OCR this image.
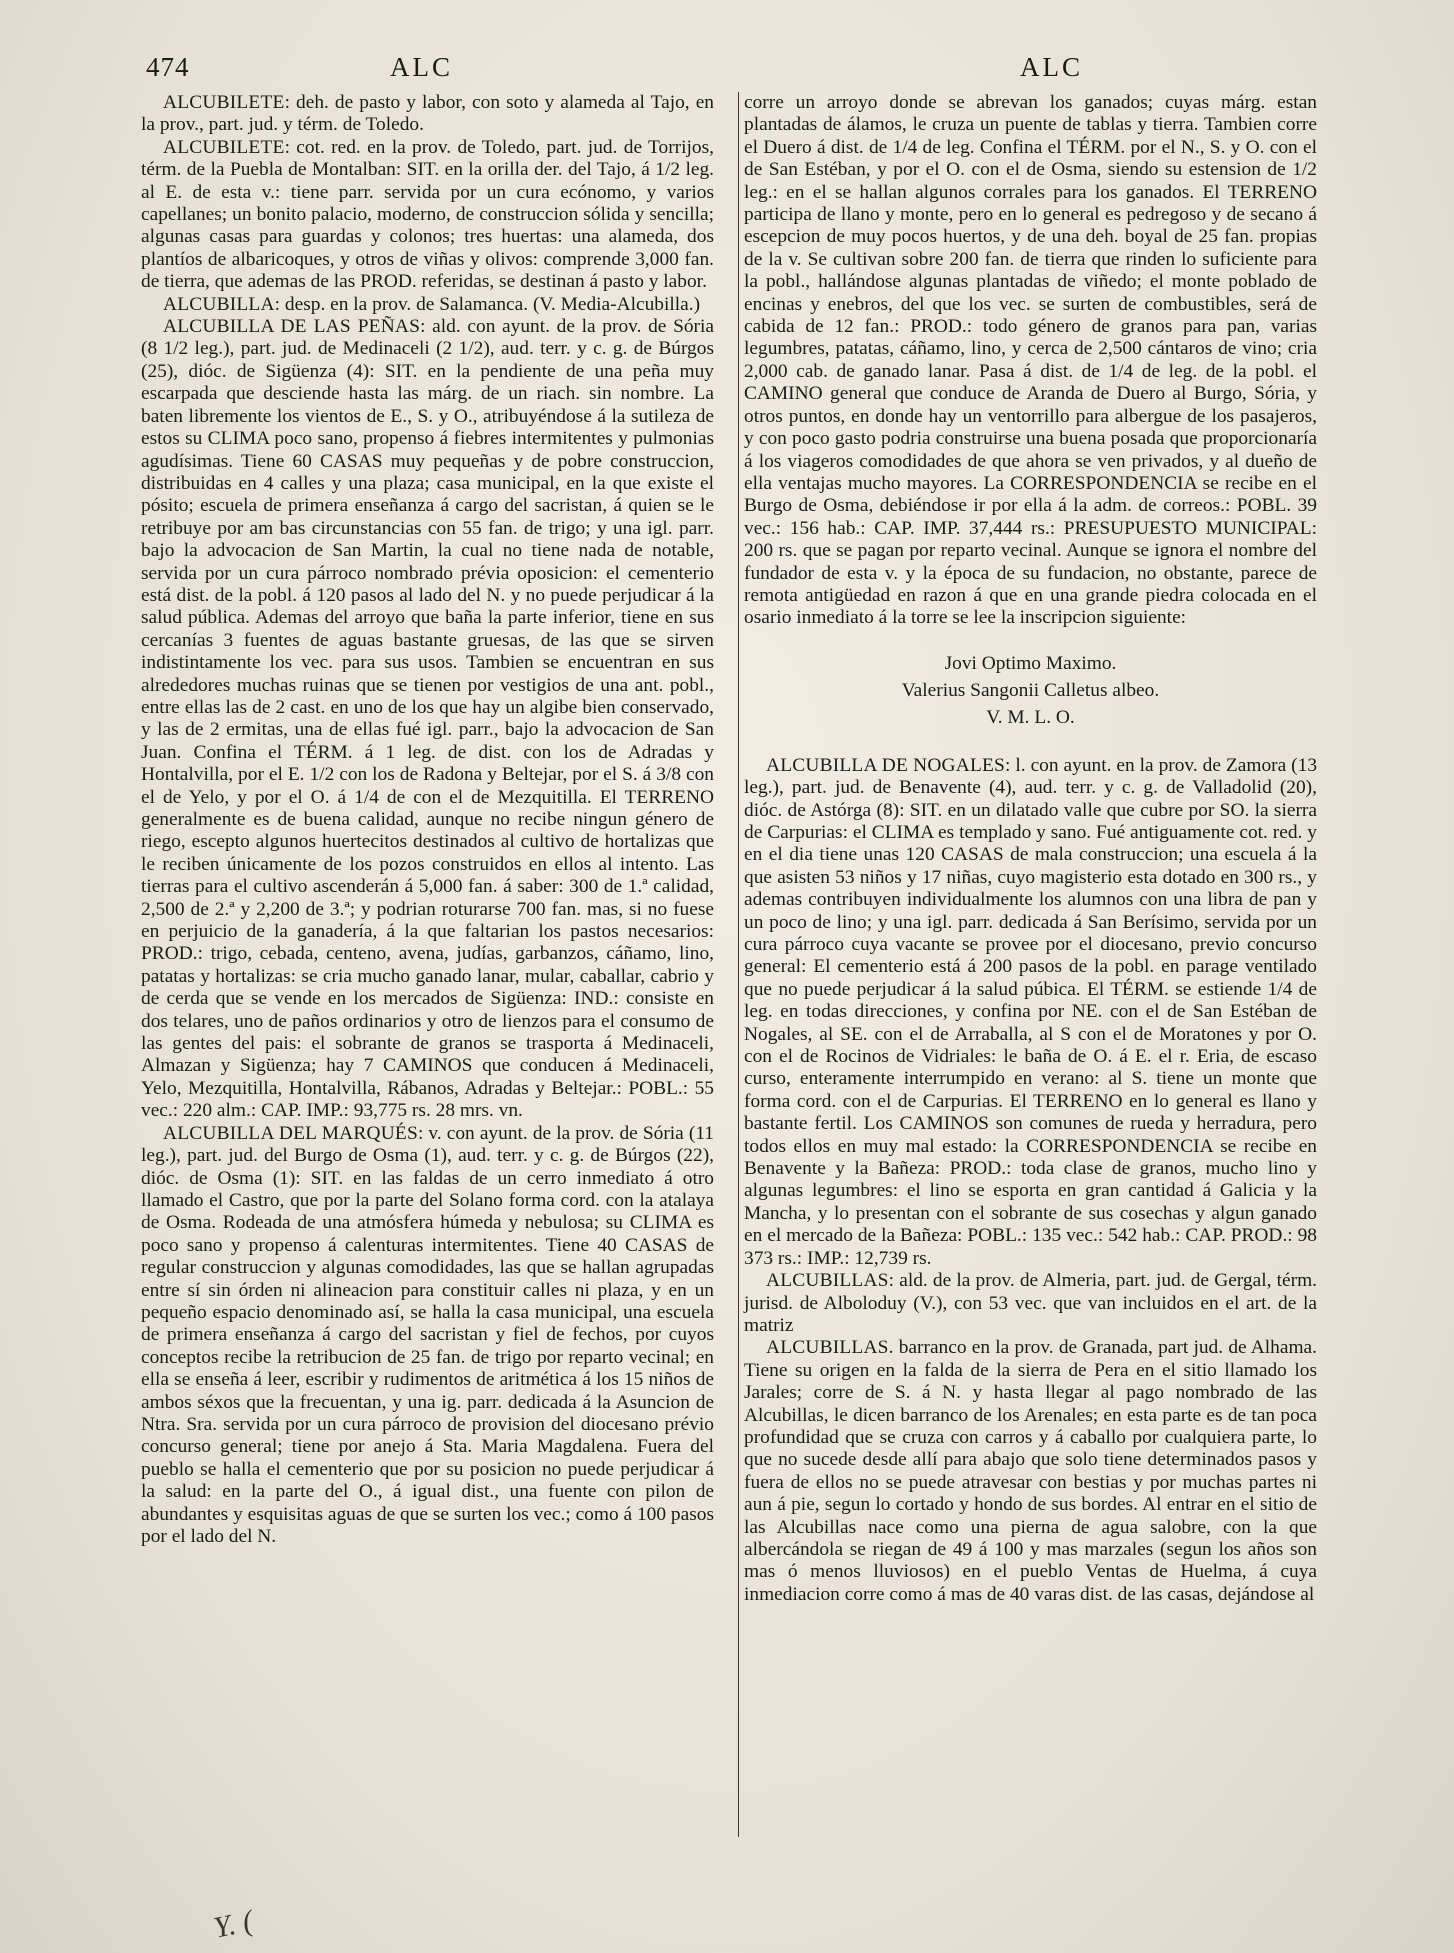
474	ALC	ALC

ALCUBILETE: deh. de pasto y labor, con soto y alameda al Tajo, en la prov., part. jud. y térm. de Toledo.

ALCUBILETE: cot. red. en la prov. de Toledo, part. jud. de Torrijos, térm. de la Puebla de Montalban: SIT. en la orilla der. del Tajo, á 1/2 leg. al E. de esta v.: tiene parr. servida por un cura ecónomo, y varios capellanes; un bonito palacio, moderno, de construccion sólida y sencilla; algunas casas para guardas y colonos; tres huertas: una alameda, dos plantíos de albaricoques, y otros de viñas y olivos: comprende 3,000 fan. de tierra, que ademas de las PROD. referidas, se destinan á pasto y labor.

ALCUBILLA: desp. en la prov. de Salamanca. (V. Media-Alcubilla.)

ALCUBILLA DE LAS PEÑAS: ald. con ayunt. de la prov. de Sória (8 1/2 leg.), part. jud. de Medinaceli (2 1/2), aud. terr. y c. g. de Búrgos (25), dióc. de Sigüenza (4): SIT. en la pendiente de una peña muy escarpada que desciende hasta las márg. de un riach. sin nombre. La baten libremente los vientos de E., S. y O., atribuyéndose á la sutileza de estos su CLIMA poco sano, propenso á fiebres intermitentes y pulmonias agudísimas. Tiene 60 CASAS muy pequeñas y de pobre construccion, distribuidas en 4 calles y una plaza; casa municipal, en la que existe el pósito; escuela de primera enseñanza á cargo del sacristan, á quien se le retribuye por am bas circunstancias con 55 fan. de trigo; y una igl. parr. bajo la advocacion de San Martin, la cual no tiene nada de notable, servida por un cura párroco nombrado prévia oposicion: el cementerio está dist. de la pobl. á 120 pasos al lado del N. y no puede perjudicar á la salud pública. Ademas del arroyo que baña la parte inferior, tiene en sus cercanías 3 fuentes de aguas bastante gruesas, de las que se sirven indistintamente los vec. para sus usos. Tambien se encuentran en sus alrededores muchas ruinas que se tienen por vestigios de una ant. pobl., entre ellas las de 2 cast. en uno de los que hay un algibe bien conservado, y las de 2 ermitas, una de ellas fué igl. parr., bajo la advocacion de San Juan. Confina el TÉRM. á 1 leg. de dist. con los de Adradas y Hontalvilla, por el E. 1/2 con los de Radona y Beltejar, por el S. á 3/8 con el de Yelo, y por el O. á 1/4 de con el de Mezquitilla. El TERRENO generalmente es de buena calidad, aunque no recibe ningun género de riego, escepto algunos huertecitos destinados al cultivo de hortalizas que le reciben únicamente de los pozos construidos en ellos al intento. Las tierras para el cultivo ascenderán á 5,000 fan. á saber: 300 de 1.ª calidad, 2,500 de 2.ª y 2,200 de 3.ª; y podrian roturarse 700 fan. mas, si no fuese en perjuicio de la ganadería, á la que faltarian los pastos necesarios: PROD.: trigo, cebada, centeno, avena, judías, garbanzos, cáñamo, lino, patatas y hortalizas: se cria mucho ganado lanar, mular, caballar, cabrio y de cerda que se vende en los mercados de Sigüenza: IND.: consiste en dos telares, uno de paños ordinarios y otro de lienzos para el consumo de las gentes del pais: el sobrante de granos se trasporta á Medinaceli, Almazan y Sigüenza; hay 7 CAMINOS que conducen á Medinaceli, Yelo, Mezquitilla, Hontalvilla, Rábanos, Adradas y Beltejar.: POBL.: 55 vec.: 220 alm.: CAP. IMP.: 93,775 rs. 28 mrs. vn.

ALCUBILLA DEL MARQUÉS: v. con ayunt. de la prov. de Sória (11 leg.), part. jud. del Burgo de Osma (1), aud. terr. y c. g. de Búrgos (22), dióc. de Osma (1): SIT. en las faldas de un cerro inmediato á otro llamado el Castro, que por la parte del Solano forma cord. con la atalaya de Osma. Rodeada de una atmósfera húmeda y nebulosa; su CLIMA es poco sano y propenso á calenturas intermitentes. Tiene 40 CASAS de regular construccion y algunas comodidades, las que se hallan agrupadas entre sí sin órden ni alineacion para constituir calles ni plaza, y en un pequeño espacio denominado así, se halla la casa municipal, una escuela de primera enseñanza á cargo del sacristan y fiel de fechos, por cuyos conceptos recibe la retribucion de 25 fan. de trigo por reparto vecinal; en ella se enseña á leer, escribir y rudimentos de aritmética á los 15 niños de ambos séxos que la frecuentan, y una ig. parr. dedicada á la Asuncion de Ntra. Sra. servida por un cura párroco de provision del diocesano prévio concurso general; tiene por anejo á Sta. Maria Magdalena. Fuera del pueblo se halla el cementerio que por su posicion no puede perjudicar á la salud: en la parte del O., á igual dist., una fuente con pilon de abundantes y esquisitas aguas de que se surten los vec.; como á 100 pasos por el lado del N.

corre un arroyo donde se abrevan los ganados; cuyas márg. estan plantadas de álamos, le cruza un puente de tablas y tierra. Tambien corre el Duero á dist. de 1/4 de leg. Confina el TÉRM. por el N., S. y O. con el de San Estéban, y por el O. con el de Osma, siendo su estension de 1/2 leg.: en el se hallan algunos corrales para los ganados. El TERRENO participa de llano y monte, pero en lo general es pedregoso y de secano á escepcion de muy pocos huertos, y de una deh. boyal de 25 fan. propias de la v. Se cultivan sobre 200 fan. de tierra que rinden lo suficiente para la pobl., hallándose algunas plantadas de viñedo; el monte poblado de encinas y enebros, del que los vec. se surten de combustibles, será de cabida de 12 fan.: PROD.: todo género de granos para pan, varias legumbres, patatas, cáñamo, lino, y cerca de 2,500 cántaros de vino; cria 2,000 cab. de ganado lanar. Pasa á dist. de 1/4 de leg. de la pobl. el CAMINO general que conduce de Aranda de Duero al Burgo, Sória, y otros puntos, en donde hay un ventorrillo para albergue de los pasajeros, y con poco gasto podria construirse una buena posada que proporcionaría á los viageros comodidades de que ahora se ven privados, y al dueño de ella ventajas mucho mayores. La CORRESPONDENCIA se recibe en el Burgo de Osma, debiéndose ir por ella á la adm. de correos.: POBL. 39 vec.: 156 hab.: CAP. IMP. 37,444 rs.: PRESUPUESTO MUNICIPAL: 200 rs. que se pagan por reparto vecinal. Aunque se ignora el nombre del fundador de esta v. y la época de su fundacion, no obstante, parece de remota antigüedad en razon á que en una grande piedra colocada en el osario inmediato á la torre se lee la inscripcion siguiente:

Jovi Optimo Maximo.
Valerius Sangonii Calletus albeo.
V. M. L. O.

ALCUBILLA DE NOGALES: l. con ayunt. en la prov. de Zamora (13 leg.), part. jud. de Benavente (4), aud. terr. y c. g. de Valladolid (20), dióc. de Astórga (8): SIT. en un dilatado valle que cubre por SO. la sierra de Carpurias: el CLIMA es templado y sano. Fué antiguamente cot. red. y en el dia tiene unas 120 CASAS de mala construccion; una escuela á la que asisten 53 niños y 17 niñas, cuyo magisterio esta dotado en 300 rs., y ademas contribuyen individualmente los alumnos con una libra de pan y un poco de lino; y una igl. parr. dedicada á San Berísimo, servida por un cura párroco cuya vacante se provee por el diocesano, previo concurso general: El cementerio está á 200 pasos de la pobl. en parage ventilado que no puede perjudicar á la salud púbica. El TÉRM. se estiende 1/4 de leg. en todas direcciones, y confina por NE. con el de San Estéban de Nogales, al SE. con el de Arraballa, al S con el de Moratones y por O. con el de Rocinos de Vidriales: le baña de O. á E. el r. Eria, de escaso curso, enteramente interrumpido en verano: al S. tiene un monte que forma cord. con el de Carpurias. El TERRENO en lo general es llano y bastante fertil. Los CAMINOS son comunes de rueda y herradura, pero todos ellos en muy mal estado: la CORRESPONDENCIA se recibe en Benavente y la Bañeza: PROD.: toda clase de granos, mucho lino y algunas legumbres: el lino se esporta en gran cantidad á Galicia y la Mancha, y lo presentan con el sobrante de sus cosechas y algun ganado en el mercado de la Bañeza: POBL.: 135 vec.: 542 hab.: CAP. PROD.: 98 373 rs.: IMP.: 12,739 rs.

ALCUBILLAS: ald. de la prov. de Almeria, part. jud. de Gergal, térm. jurisd. de Alboloduy (V.), con 53 vec. que van incluidos en el art. de la matriz

ALCUBILLAS. barranco en la prov. de Granada, part jud. de Alhama. Tiene su origen en la falda de la sierra de Pera en el sitio llamado los Jarales; corre de S. á N. y hasta llegar al pago nombrado de las Alcubillas, le dicen barranco de los Arenales; en esta parte es de tan poca profundidad que se cruza con carros y á caballo por cualquiera parte, lo que no sucede desde allí para abajo que solo tiene determinados pasos y fuera de ellos no se puede atravesar con bestias y por muchas partes ni aun á pie, segun lo cortado y hondo de sus bordes. Al entrar en el sitio de las Alcubillas nace como una pierna de agua salobre, con la que albercándola se riegan de 49 á 100 y mas marzales (segun los años son mas ó menos lluviosos) en el pueblo Ventas de Huelma, á cuya inmediacion corre como á mas de 40 varas dist. de las casas, dejándose al

Y. (
